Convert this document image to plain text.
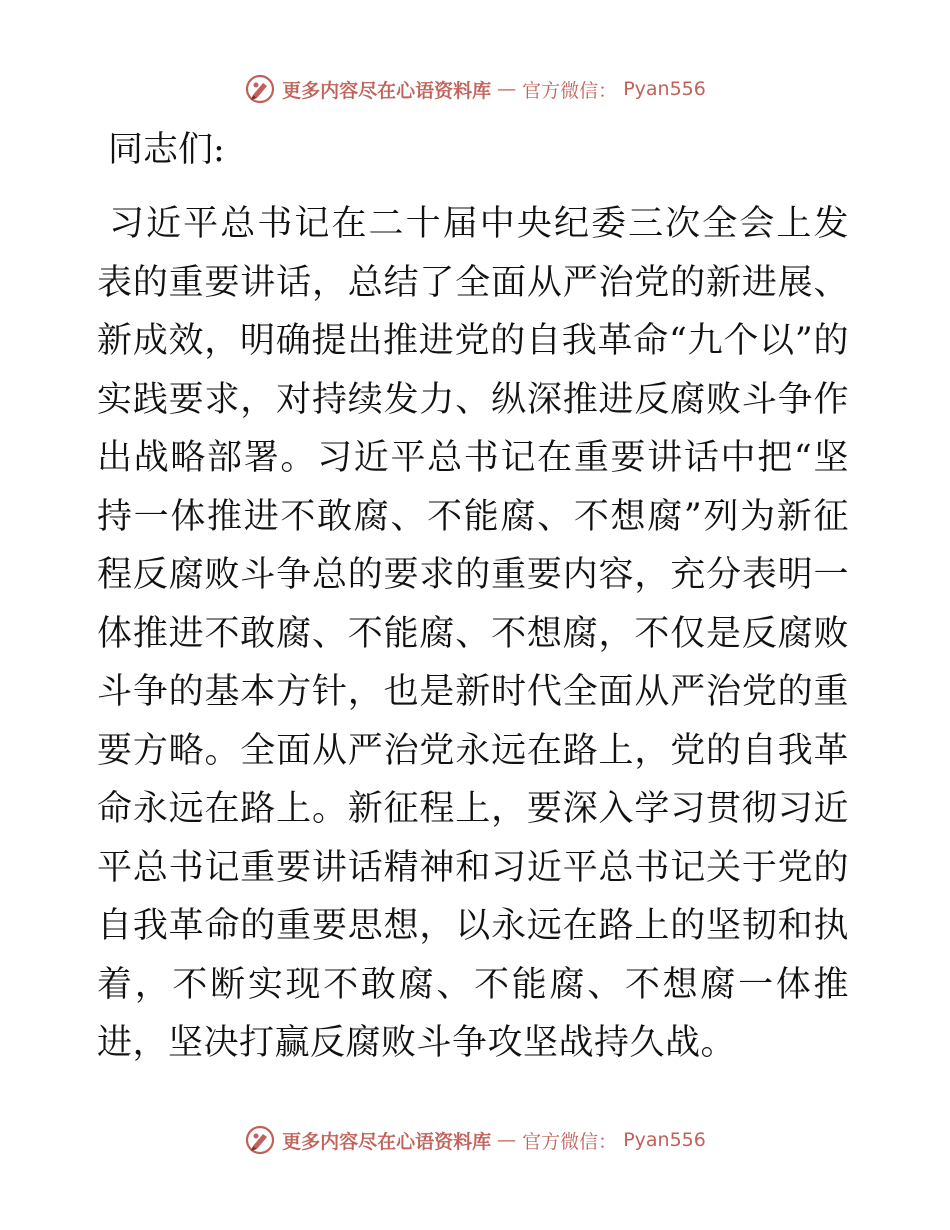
更多内容尽在心语资料库 — 官方微信： Pyan556

同志们:

习近平总书记在二十届中央纪委三次全会上发表的重要讲话，总结了全面从严治党的新进展、新成效，明确提出推进党的自我革命“九个以”的实践要求，对持续发力、纵深推进反腐败斗争作出战略部署。习近平总书记在重要讲话中把“坚持一体推进不敢腐、不能腐、不想腐”列为新征程反腐败斗争总的要求的重要内容，充分表明一体推进不敢腐、不能腐、不想腐，不仅是反腐败斗争的基本方针，也是新时代全面从严治党的重要方略。全面从严治党永远在路上，党的自我革命永远在路上。新征程上，要深入学习贯彻习近平总书记重要讲话精神和习近平总书记关于党的自我革命的重要思想，以永远在路上的坚韧和执着，不断实现不敢腐、不能腐、不想腐一体推进，坚决打赢反腐败斗争攻坚战持久战。

更多内容尽在心语资料库 — 官方微信： Pyan556
